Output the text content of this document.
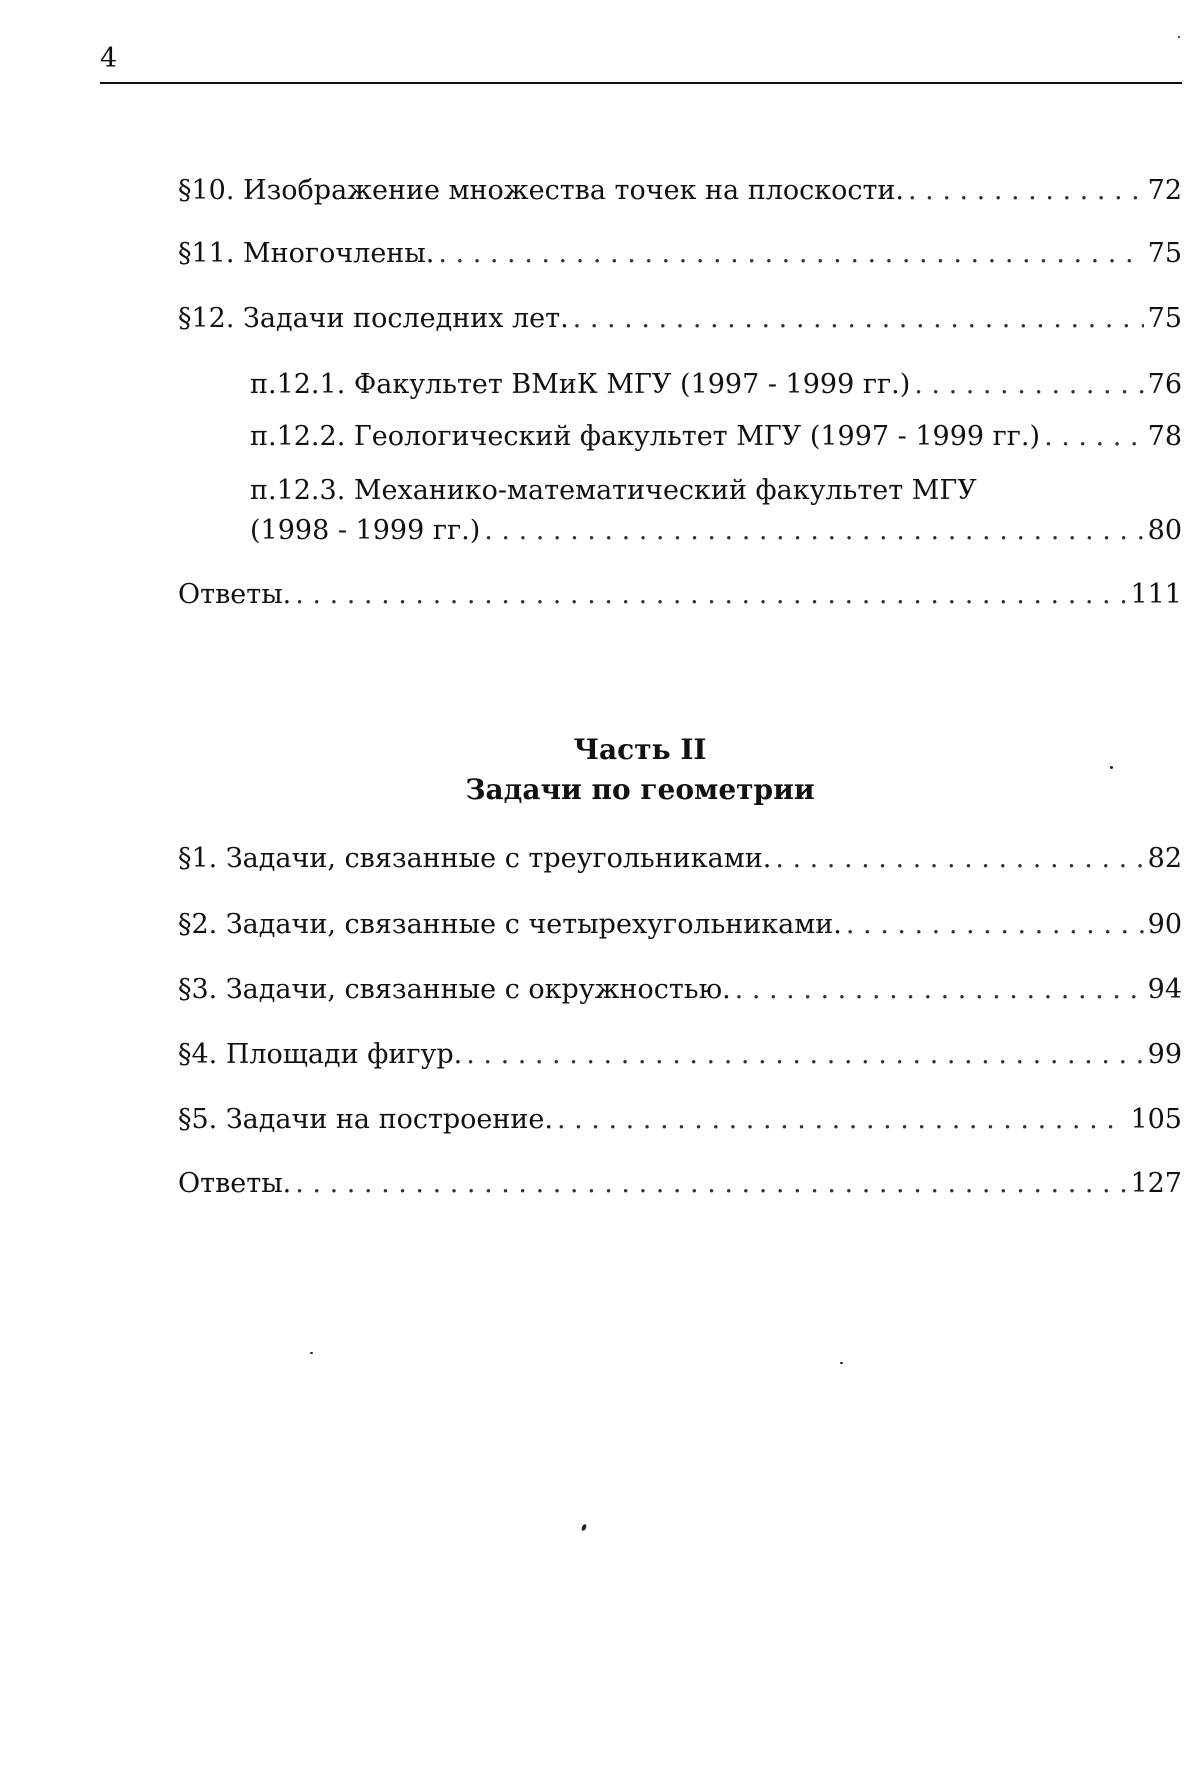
4
§10. Изображение множества точек на плоскости. . . .	72
§11. Многочлены. . . .	75
§12. Задачи последних лет. . . .	75
п.12.1. Факультет ВМиК МГУ (1997 - 1999 гг.) . . .	76
п.12.2. Геологический факультет МГУ (1997 - 1999 гг.) . . .	78
п.12.3. Механико-математический факультет МГУ
(1998 - 1999 гг.) . . .	80
Ответы. . . .	111
Часть II
Задачи по геометрии
§1. Задачи, связанные с треугольниками. . . .	82
§2. Задачи, связанные с четырехугольниками. . . .	90
§3. Задачи, связанные с окружностью. . . .	94
§4. Площади фигур. . . .	99
§5. Задачи на построение. . . .	105
Ответы. . . .	127
